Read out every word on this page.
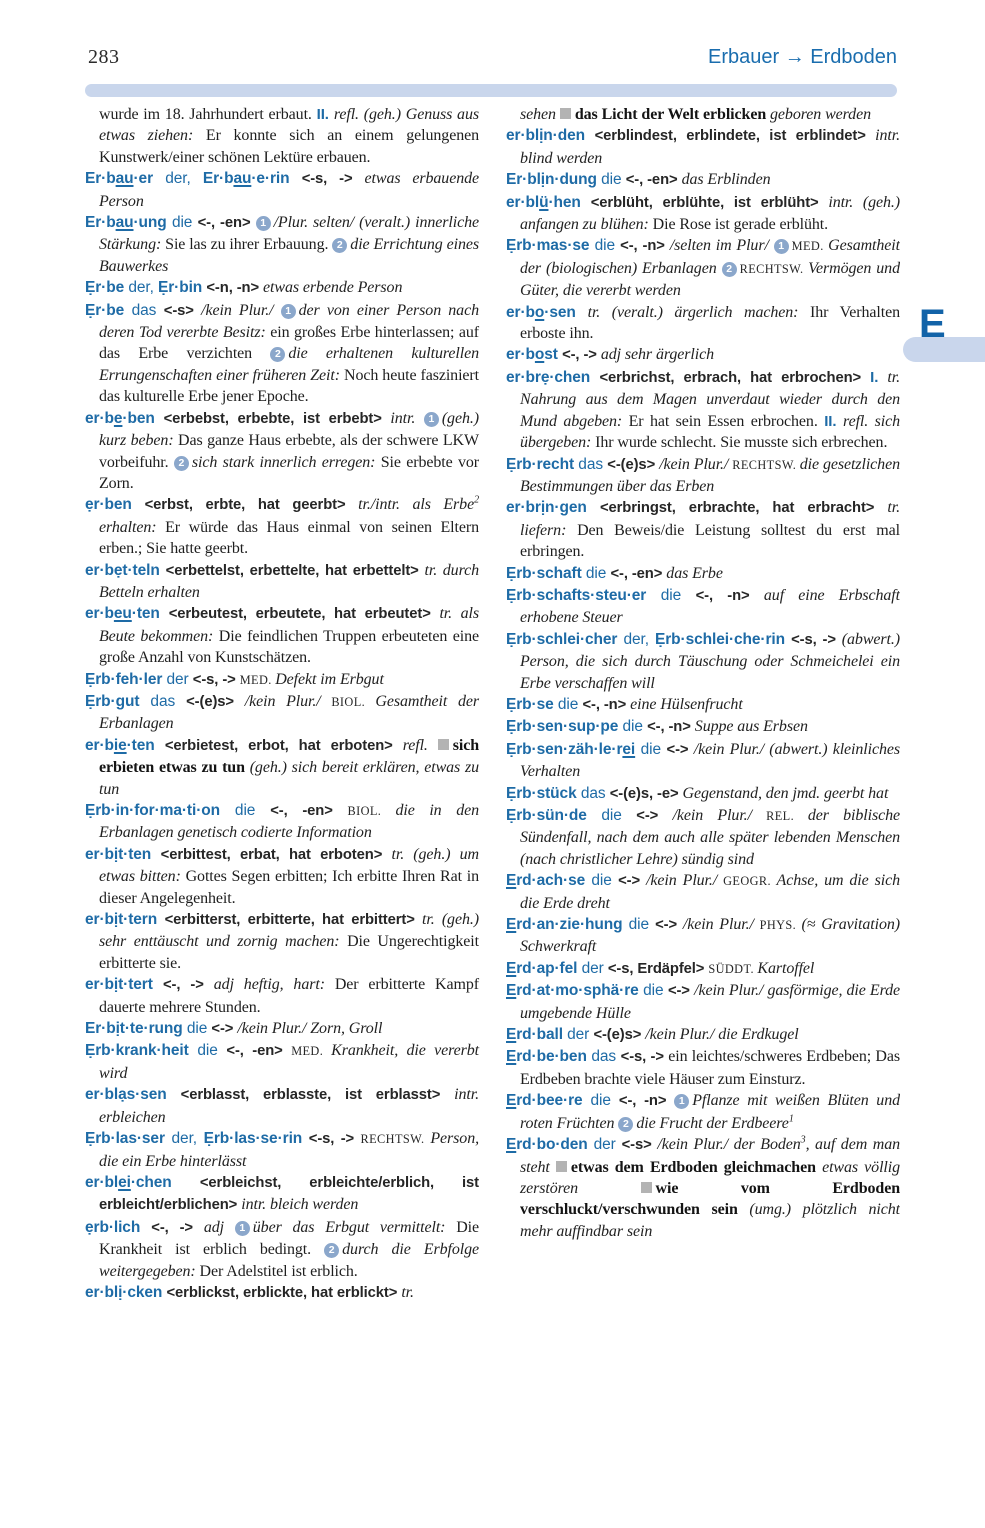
283	Erbauer → Erdboden

wurde im 18. Jahrhundert erbaut. II. refl. (geh.) Genuss aus etwas ziehen: Er konnte sich an einem gelungenen Kunstwerk/einer schönen Lektüre erbauen.

Er·bau·er der, Er·bau·e·rin <-s, -> etwas erbauende Person

Er·bau·ung die <-, -en> 1 /Plur. selten/ (veralt.) innerliche Stärkung: Sie las zu ihrer Erbauung. 2 die Errichtung eines Bauwerkes

Ẹr·be der, Ẹr·bin <-n, -n> etwas erbende Person

Ẹr·be das <-s> /kein Plur./ 1 der von einer Person nach deren Tod vererbte Besitz: ein großes Erbe hinterlassen; auf das Erbe verzichten 2 die erhaltenen kulturellen Errungenschaften einer früheren Zeit: Noch heute fasziniert das kulturelle Erbe jener Epoche.

er·be·ben <erbebst, erbebte, ist erbebt> intr. 1 (geh.) kurz beben: Das ganze Haus erbebte, als der schwere LKW vorbeifuhr. 2 sich stark innerlich erregen: Sie erbebte vor Zorn.

ẹr·ben <erbst, erbte, hat geerbt> tr./intr. als Erbe$^2$ erhalten: Er würde das Haus einmal von seinen Eltern erben.; Sie hatte geerbt.

er·bẹt·teln <erbettelst, erbettelte, hat erbettelt> tr. durch Betteln erhalten

er·beu·ten <erbeutest, erbeutete, hat erbeutet> tr. als Beute bekommen: Die feindlichen Truppen erbeuteten eine große Anzahl von Kunstschätzen.

Ẹrb·feh·ler der <-s, -> MED. Defekt im Erbgut

Ẹrb·gut das <-(e)s> /kein Plur./ BIOL. Gesamtheit der Erbanlagen

er·bie·ten <erbietest, erbot, hat erboten> refl. sich erbieten etwas zu tun (geh.) sich bereit erklären, etwas zu tun

Ẹrb·in·for·ma·ti·on die <-, -en> BIOL. die in den Erbanlagen genetisch codierte Information

er·bịt·ten <erbittest, erbat, hat erboten> tr. (geh.) um etwas bitten: Gottes Segen erbitten; Ich erbitte Ihren Rat in dieser Angelegenheit.

er·bịt·tern <erbitterst, erbitterte, hat erbittert> tr. (geh.) sehr enttäuscht und zornig machen: Die Ungerechtigkeit erbitterte sie.

er·bịt·tert <-, -> adj heftig, hart: Der erbitterte Kampf dauerte mehrere Stunden.

Er·bịt·te·rung die <-> /kein Plur./ Zorn, Groll

Ẹrb·krank·heit die <-, -en> MED. Krankheit, die vererbt wird

er·blạs·sen <erblasst, erblasste, ist erblasst> intr. erbleichen

Ẹrb·las·ser der, Ẹrb·las·se·rin <-s, -> RECHTSW. Person, die ein Erbe hinterlässt

er·blei·chen <erbleichst, erbleichte/erblich, ist erbleicht/erblichen> intr. bleich werden

ẹrb·lich <-, -> adj 1 über das Erbgut vermittelt: Die Krankheit ist erblich bedingt. 2 durch die Erbfolge weitergegeben: Der Adelstitel ist erblich.

er·blị·cken <erblickst, erblickte, hat erblickt> tr.

sehen das Licht der Welt erblicken geboren werden

er·blịn·den <erblindest, erblindete, ist erblindet> intr. blind werden

Er·blịn·dung die <-, -en> das Erblinden

er·blü·hen <erblüht, erblühte, ist erblüht> intr. (geh.) anfangen zu blühen: Die Rose ist gerade erblüht.

Ẹrb·mas·se die <-, -n> /selten im Plur/ 1 MED. Gesamtheit der (biologischen) Erbanlagen 2 RECHTSW. Vermögen und Güter, die vererbt werden

er·bo·sen tr. (veralt.) ärgerlich machen: Ihr Verhalten erboste ihn.

er·bost <-, -> adj sehr ärgerlich

er·brẹ·chen <erbrichst, erbrach, hat erbrochen> I. tr. Nahrung aus dem Magen unverdaut wieder durch den Mund abgeben: Er hat sein Essen erbrochen. II. refl. sich übergeben: Ihr wurde schlecht. Sie musste sich erbrechen.

Ẹrb·recht das <-(e)s> /kein Plur./ RECHTSW. die gesetzlichen Bestimmungen über das Erben

er·brịn·gen <erbringst, erbrachte, hat erbracht> tr. liefern: Den Beweis/die Leistung solltest du erst mal erbringen.

Ẹrb·schaft die <-, -en> das Erbe

Ẹrb·schafts·steu·er die <-, -n> auf eine Erbschaft erhobene Steuer

Ẹrb·schlei·cher der, Ẹrb·schlei·che·rin <-s, -> (abwert.) Person, die sich durch Täuschung oder Schmeichelei ein Erbe verschaffen will

Ẹrb·se die <-, -n> eine Hülsenfrucht

Ẹrb·sen·sup·pe die <-, -n> Suppe aus Erbsen

Ẹrb·sen·zäh·le·rei die <-> /kein Plur./ (abwert.) kleinliches Verhalten

Ẹrb·stück das <-(e)s, -e> Gegenstand, den jmd. geerbt hat

Ẹrb·sün·de die <-> /kein Plur./ REL. der biblische Sündenfall, nach dem auch alle später lebenden Menschen (nach christlicher Lehre) sündig sind

Erd·ach·se die <-> /kein Plur./ GEOGR. Achse, um die sich die Erde dreht

Erd·an·zie·hung die <-> /kein Plur./ PHYS. (≈ Gravitation) Schwerkraft

Erd·ap·fel der <-s, Erdäpfel> SÜDDT. Kartoffel

Erd·at·mo·sphä·re die <-> /kein Plur./ gasförmige, die Erde umgebende Hülle

Erd·ball der <-(e)s> /kein Plur./ die Erdkugel

Erd·be·ben das <-s, -> ein leichtes/schweres Erdbeben; Das Erdbeben brachte viele Häuser zum Einsturz.

Erd·bee·re die <-, -n> 1 Pflanze mit weißen Blüten und roten Früchten 2 die Frucht der Erdbeere$^1$

Erd·bo·den der <-s> /kein Plur./ der Boden$^3$, auf dem man steht etwas dem Erdboden gleichmachen etwas völlig zerstören wie vom Erdboden verschluckt/verschwunden sein (umg.) plötzlich nicht mehr auffindbar sein

E
